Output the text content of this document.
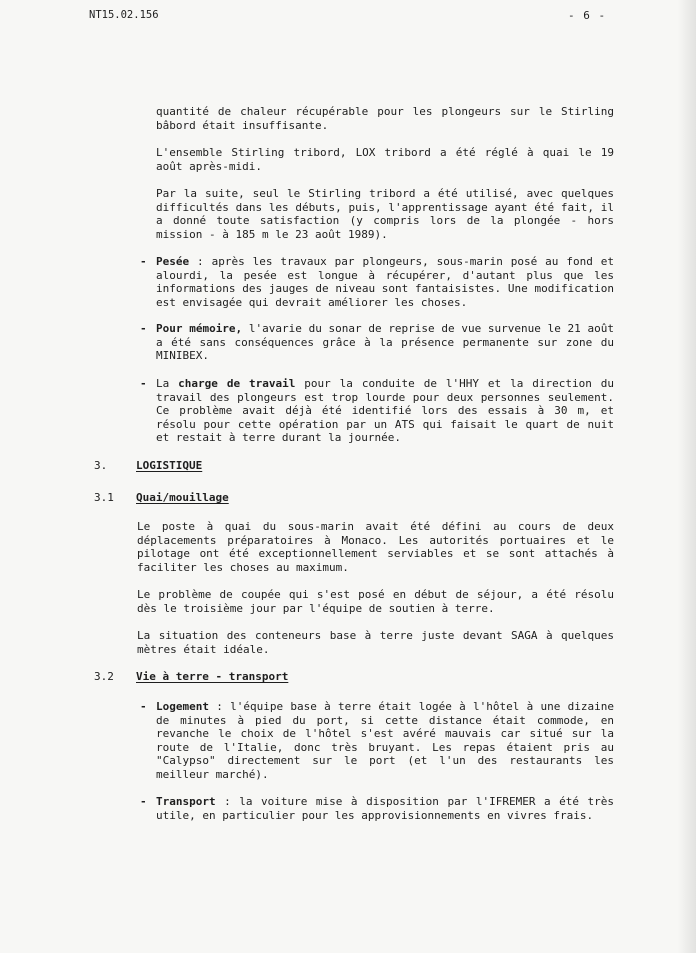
NT15.02.156	- 6 -

quantité de chaleur récupérable pour les plongeurs sur le Stirling bâbord était insuffisante.

L'ensemble Stirling tribord, LOX tribord a été réglé à quai le 19 août après-midi.

Par la suite, seul le Stirling tribord a été utilisé, avec quelques difficultés dans les débuts, puis, l'apprentissage ayant été fait, il a donné toute satisfaction (y compris lors de la plongée - hors mission - à 185 m le 23 août 1989).

- Pesée : après les travaux par plongeurs, sous-marin posé au fond et alourdi, la pesée est longue à récupérer, d'autant plus que les informations des jauges de niveau sont fantaisistes. Une modification est envisagée qui devrait améliorer les choses.

- Pour mémoire, l'avarie du sonar de reprise de vue survenue le 21 août a été sans conséquences grâce à la présence permanente sur zone du MINIBEX.

- La charge de travail pour la conduite de l'HHY et la direction du travail des plongeurs est trop lourde pour deux personnes seulement. Ce problème avait déjà été identifié lors des essais à 30 m, et résolu pour cette opération par un ATS qui faisait le quart de nuit et restait à terre durant la journée.

3.	LOGISTIQUE
3.1 Quai/mouillage

Le poste à quai du sous-marin avait été défini au cours de deux déplacements préparatoires à Monaco. Les autorités portuaires et le pilotage ont été exceptionnellement serviables et se sont attachés à faciliter les choses au maximum.

Le problème de coupée qui s'est posé en début de séjour, a été résolu dès le troisième jour par l'équipe de soutien à terre.

La situation des conteneurs base à terre juste devant SAGA à quelques mètres était idéale.

3.2 Vie à terre - transport
- Logement : l'équipe base à terre était logée à l'hôtel à une dizaine de minutes à pied du port, si cette distance était commode, en revanche le choix de l'hôtel s'est avéré mauvais car situé sur la route de l'Italie, donc très bruyant. Les repas étaient pris au "Calypso" directement sur le port (et l'un des restaurants les meilleur marché).

- Transport : la voiture mise à disposition par l'IFREMER a été très utile, en particulier pour les approvisionnements en vivres frais.
